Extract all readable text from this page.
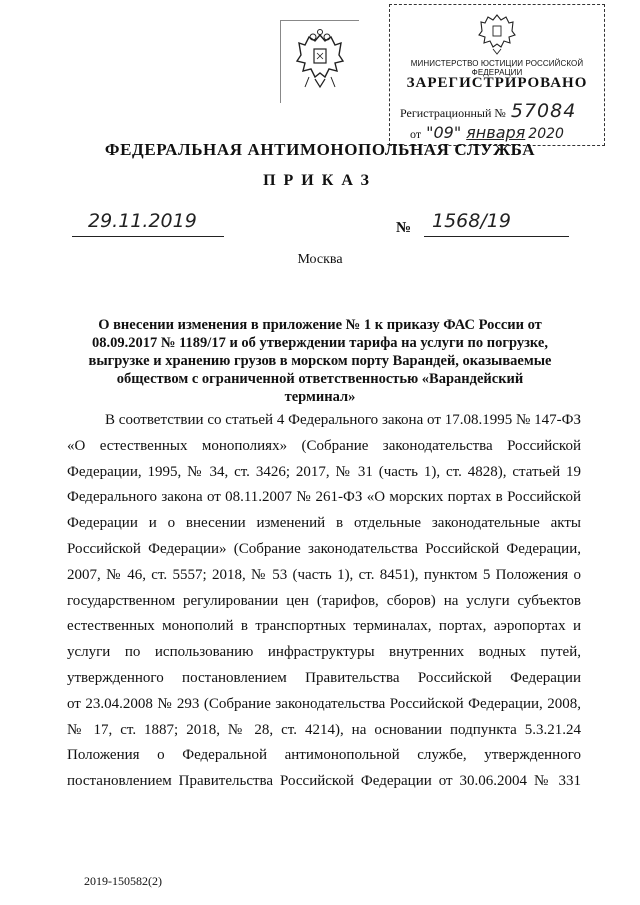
МИНИСТЕРСТВО ЮСТИЦИИ РОССИЙСКОЙ ФЕДЕРАЦИИ
ЗАРЕГИСТРИРОВАНО
Регистрационный № 57084
от "09" января 2020
ФЕДЕРАЛЬНАЯ АНТИМОНОПОЛЬНАЯ СЛУЖБА
ПРИКАЗ
29.11.2019	№ 1568/19
Москва
О внесении изменения в приложение № 1 к приказу ФАС России от 08.09.2017 № 1189/17 и об утверждении тарифа на услуги по погрузке, выгрузке и хранению грузов в морском порту Варандей, оказываемые обществом с ограниченной ответственностью «Варандейский терминал»
В соответствии со статьей 4 Федерального закона от 17.08.1995 № 147-ФЗ
«О естественных монополиях» (Собрание законодательства Российской
Федерации, 1995, № 34, ст. 3426; 2017, № 31 (часть 1), ст. 4828), статьей 19
Федерального закона от 08.11.2007 № 261-ФЗ «О морских портах в Российской
Федерации и о внесении изменений в отдельные законодательные акты
Российской Федерации» (Собрание законодательства Российской Федерации,
2007, № 46, ст. 5557; 2018, № 53 (часть 1), ст. 8451), пунктом 5 Положения о
государственном регулировании цен (тарифов, сборов) на услуги субъектов
естественных монополий в транспортных терминалах, портах, аэропортах и
услуги по использованию инфраструктуры внутренних водных путей,
утвержденного постановлением Правительства Российской Федерации
от 23.04.2008 № 293 (Собрание законодательства Российской Федерации, 2008,
№ 17, ст. 1887; 2018, № 28, ст. 4214), на основании подпункта 5.3.21.24
Положения о Федеральной антимонопольной службе, утвержденного
постановлением Правительства Российской Федерации от 30.06.2004 № 331
2019-150582(2)
